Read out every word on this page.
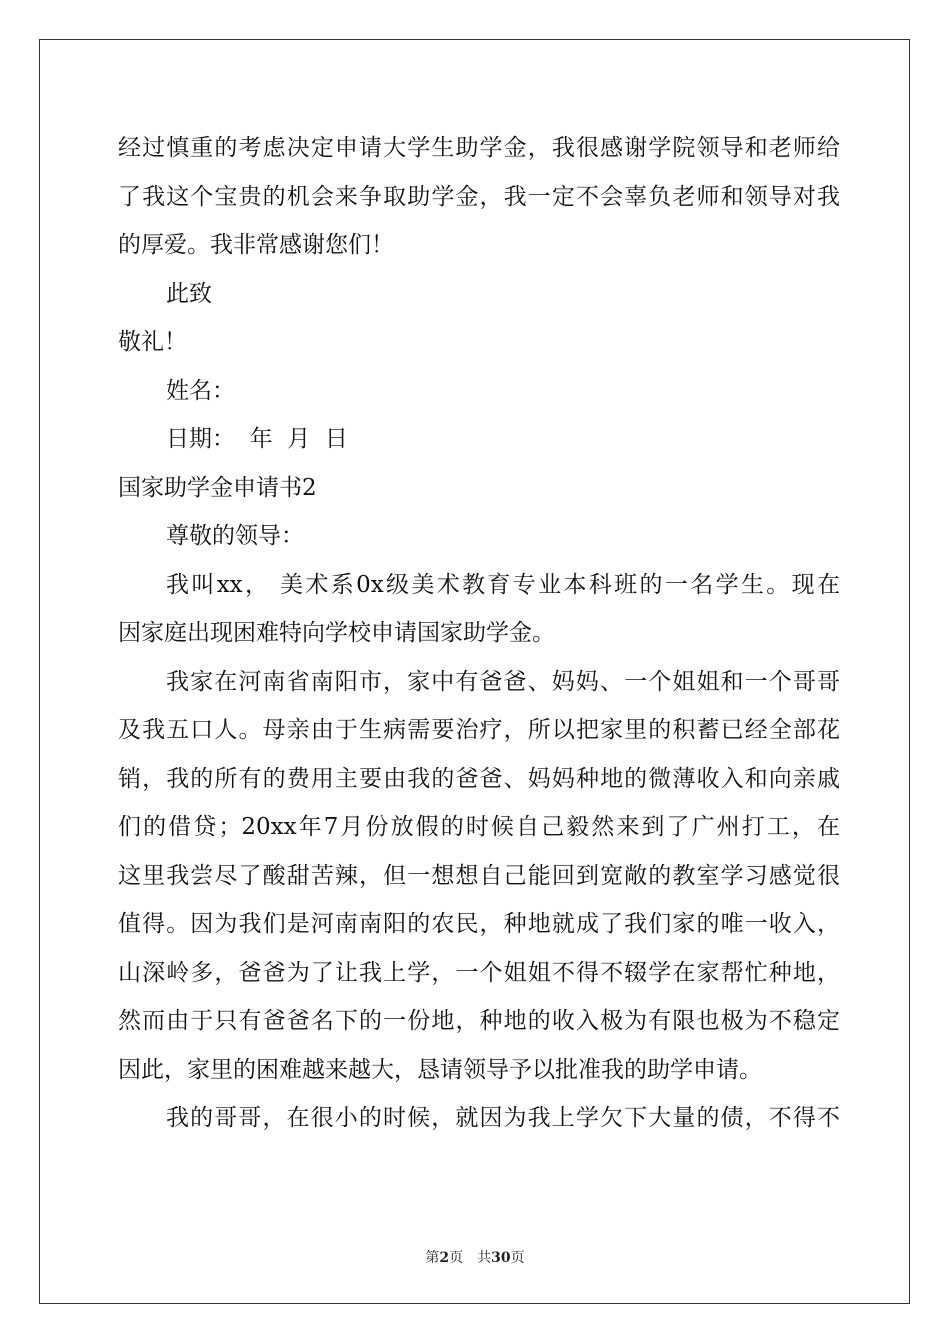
经过慎重的考虑决定申请大学生助学金，我很感谢学院领导和老师给
了我这个宝贵的机会来争取助学金，我一定不会辜负老师和领导对我
的厚爱。我非常感谢您们！
此致
敬礼！
姓名：
日期：  年  月  日
国家助学金申请书2
尊敬的领导：
我叫xx， 美术系0x级美术教育专业本科班的一名学生。现在
因家庭出现困难特向学校申请国家助学金。
我家在河南省南阳市，家中有爸爸、妈妈、一个姐姐和一个哥哥
及我五口人。母亲由于生病需要治疗，所以把家里的积蓄已经全部花
销，我的所有的费用主要由我的爸爸、妈妈种地的微薄收入和向亲戚
们的借贷；20xx年7月份放假的时候自己毅然来到了广州打工，在
这里我尝尽了酸甜苦辣，但一想想自己能回到宽敞的教室学习感觉很
值得。因为我们是河南南阳的农民，种地就成了我们家的唯一收入，
山深岭多，爸爸为了让我上学，一个姐姐不得不辍学在家帮忙种地，
然而由于只有爸爸名下的一份地，种地的收入极为有限也极为不稳定
因此，家里的困难越来越大，恳请领导予以批准我的助学申请。
我的哥哥，在很小的时候，就因为我上学欠下大量的债，不得不
第2页 共30页
